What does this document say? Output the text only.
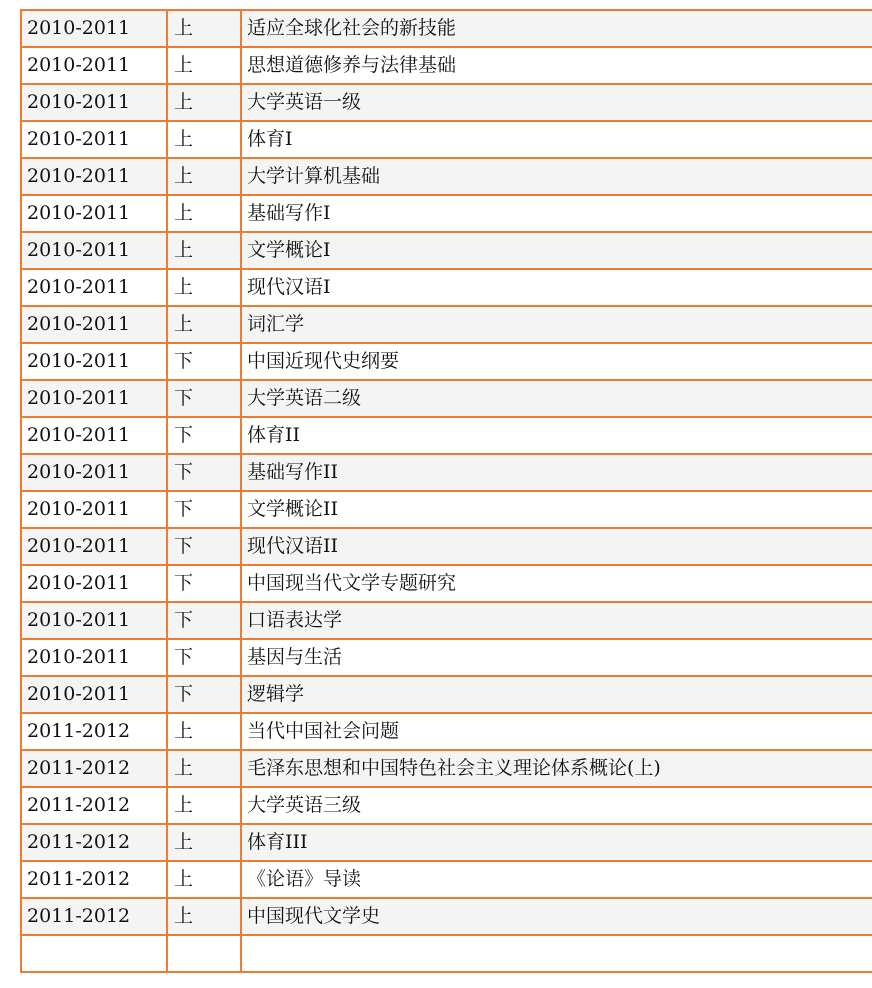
2010-2011	上	适应全球化社会的新技能
2010-2011	上	思想道德修养与法律基础
2010-2011	上	大学英语一级
2010-2011	上	体育I
2010-2011	上	大学计算机基础
2010-2011	上	基础写作I
2010-2011	上	文学概论I
2010-2011	上	现代汉语I
2010-2011	上	词汇学
2010-2011	下	中国近现代史纲要
2010-2011	下	大学英语二级
2010-2011	下	体育II
2010-2011	下	基础写作II
2010-2011	下	文学概论II
2010-2011	下	现代汉语II
2010-2011	下	中国现当代文学专题研究
2010-2011	下	口语表达学
2010-2011	下	基因与生活
2010-2011	下	逻辑学
2011-2012	上	当代中国社会问题
2011-2012	上	毛泽东思想和中国特色社会主义理论体系概论(上)
2011-2012	上	大学英语三级
2011-2012	上	体育III
2011-2012	上	《论语》导读
2011-2012	上	中国现代文学史
